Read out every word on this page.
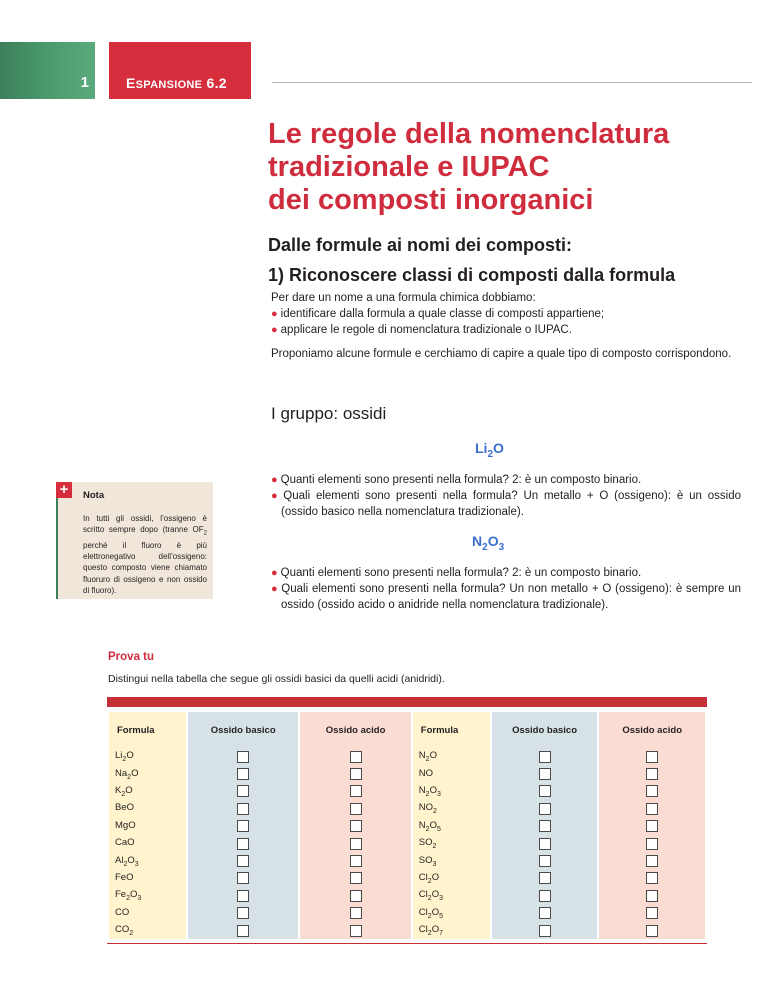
1	ESPANSIONE 6.2
Le regole della nomenclatura
tradizionale e IUPAC
dei composti inorganici
Dalle formule ai nomi dei composti:
1) Riconoscere classi di composti dalla formula
Per dare un nome a una formula chimica dobbiamo:
● identificare dalla formula a quale classe di composti appartiene;
● applicare le regole di nomenclatura tradizionale o IUPAC.
Proponiamo alcune formule e cerchiamo di capire a quale tipo di composto corrispondono.
I gruppo: ossidi
$Li_2O$
● Quanti elementi sono presenti nella formula? 2: è un composto binario.
● Quali elementi sono presenti nella formula? Un metallo + O (ossigeno): è un ossido (ossido basico nella nomenclatura tradizionale).
$N_2O_3$
● Quanti elementi sono presenti nella formula? 2: è un composto binario.
● Quali elementi sono presenti nella formula? Un non metallo + O (ossigeno): è sempre un ossido (ossido acido o anidride nella nomenclatura tradizionale).
+	Nota
In tutti gli ossidi, l’ossigeno è scritto sempre dopo (tranne $OF_2$ perché il fluoro è più elettronegativo dell’ossigeno: questo composto viene chiamato fluoruro di ossigeno e non ossido di fluoro).
Prova tu
Distingui nella tabella che segue gli ossidi basici da quelli acidi (anidridi).
Formula	Ossido basico	Ossido acido	Formula	Ossido basico	Ossido acido
$Li_2O$			$N_2O$	

$Na_2O$			NO	

$K_2O$			$N_2O_3$	

BeO			$NO_2$	

MgO			$N_2O_5$	

CaO			$SO_2$	

$Al_2O_3$			$SO_3$	

FeO			$Cl_2O$	

$Fe_2O_3$			$Cl_2O_3$	

CO			$Cl_2O_5$	

$CO_2$			$Cl_2O_7$	
